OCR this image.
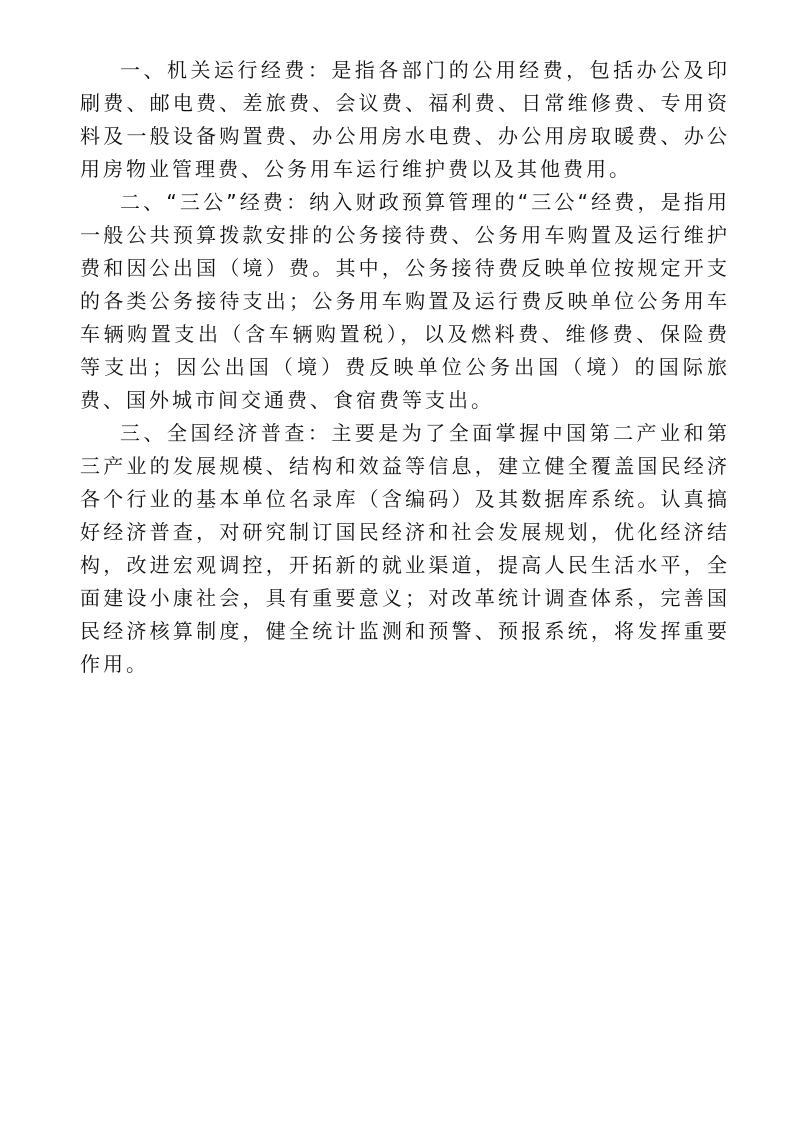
一、机关运行经费：是指各部门的公用经费，包括办公及印刷费、邮电费、差旅费、会议费、福利费、日常维修费、专用资料及一般设备购置费、办公用房水电费、办公用房取暖费、办公用房物业管理费、公务用车运行维护费以及其他费用。

二、“三公”经费：纳入财政预算管理的“三公“经费，是指用一般公共预算拨款安排的公务接待费、公务用车购置及运行维护费和因公出国（境）费。其中，公务接待费反映单位按规定开支的各类公务接待支出；公务用车购置及运行费反映单位公务用车车辆购置支出（含车辆购置税），以及燃料费、维修费、保险费等支出；因公出国（境）费反映单位公务出国（境）的国际旅费、国外城市间交通费、食宿费等支出。

三、全国经济普查：主要是为了全面掌握中国第二产业和第三产业的发展规模、结构和效益等信息，建立健全覆盖国民经济各个行业的基本单位名录库（含编码）及其数据库系统。认真搞好经济普查，对研究制订国民经济和社会发展规划，优化经济结构，改进宏观调控，开拓新的就业渠道，提高人民生活水平，全面建设小康社会，具有重要意义；对改革统计调查体系，完善国民经济核算制度，健全统计监测和预警、预报系统，将发挥重要作用。
